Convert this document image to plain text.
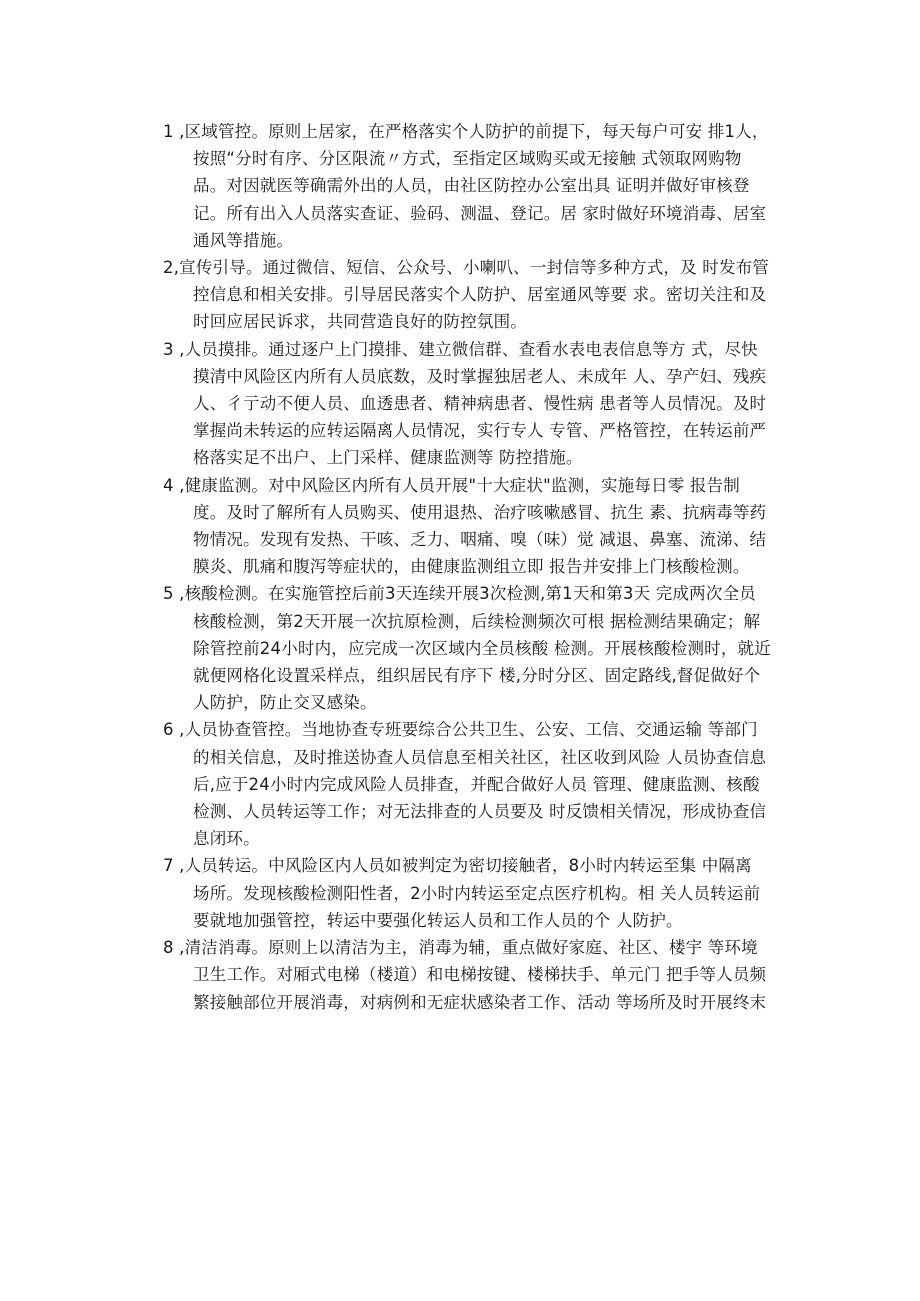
1 ,区域管控。原则上居家，在严格落实个人防护的前提下，每天每户可安 排1人，
按照“分时有序、分区限流〃方式，至指定区域购买或无接触 式领取网购物
品。对因就医等确需外出的人员，由社区防控办公室出具 证明并做好审核登
记。所有出入人员落实查证、验码、测温、登记。居 家时做好环境消毒、居室
通风等措施。
2,宣传引导。通过微信、短信、公众号、小喇叭、一封信等多种方式，及 时发布管
控信息和相关安排。引导居民落实个人防护、居室通风等要 求。密切关注和及
时回应居民诉求，共同营造良好的防控氛围。
3 ,人员摸排。通过逐户上门摸排、建立微信群、查看水表电表信息等方 式，尽快
摸清中风险区内所有人员底数，及时掌握独居老人、未成年 人、孕产妇、残疾
人、彳亍动不便人员、血透患者、精神病患者、慢性病 患者等人员情况。及时
掌握尚未转运的应转运隔离人员情况，实行专人 专管、严格管控，在转运前严
格落实足不出户、上门采样、健康监测等 防控措施。
4 ,健康监测。对中风险区内所有人员开展"十大症状"监测，实施每日零 报告制
度。及时了解所有人员购买、使用退热、治疗咳嗽感冒、抗生 素、抗病毒等药
物情况。发现有发热、干咳、乏力、咽痛、嗅（味）觉 减退、鼻塞、流涕、结
膜炎、肌痛和腹泻等症状的，由健康监测组立即 报告并安排上门核酸检测。
5 ,核酸检测。在实施管控后前3天连续开展3次检测,第1天和第3天 完成两次全员
核酸检测，第2天开展一次抗原检测，后续检测频次可根 据检测结果确定；解
除管控前24小时内，应完成一次区域内全员核酸 检测。开展核酸检测时，就近
就便网格化设置采样点，组织居民有序下 楼,分时分区、固定路线,督促做好个
人防护，防止交叉感染。
6 ,人员协查管控。当地协查专班要综合公共卫生、公安、工信、交通运输 等部门
的相关信息，及时推送协查人员信息至相关社区，社区收到风险 人员协查信息
后,应于24小时内完成风险人员排查，并配合做好人员 管理、健康监测、核酸
检测、人员转运等工作；对无法排查的人员要及 时反馈相关情况，形成协查信
息闭环。
7 ,人员转运。中风险区内人员如被判定为密切接触者，8小时内转运至集 中隔离
场所。发现核酸检测阳性者，2小时内转运至定点医疗机构。相 关人员转运前
要就地加强管控，转运中要强化转运人员和工作人员的个 人防护。
8 ,清洁消毒。原则上以清洁为主，消毒为辅，重点做好家庭、社区、楼宇 等环境
卫生工作。对厢式电梯（楼道）和电梯按键、楼梯扶手、单元门 把手等人员频
繁接触部位开展消毒，对病例和无症状感染者工作、活动 等场所及时开展终末
